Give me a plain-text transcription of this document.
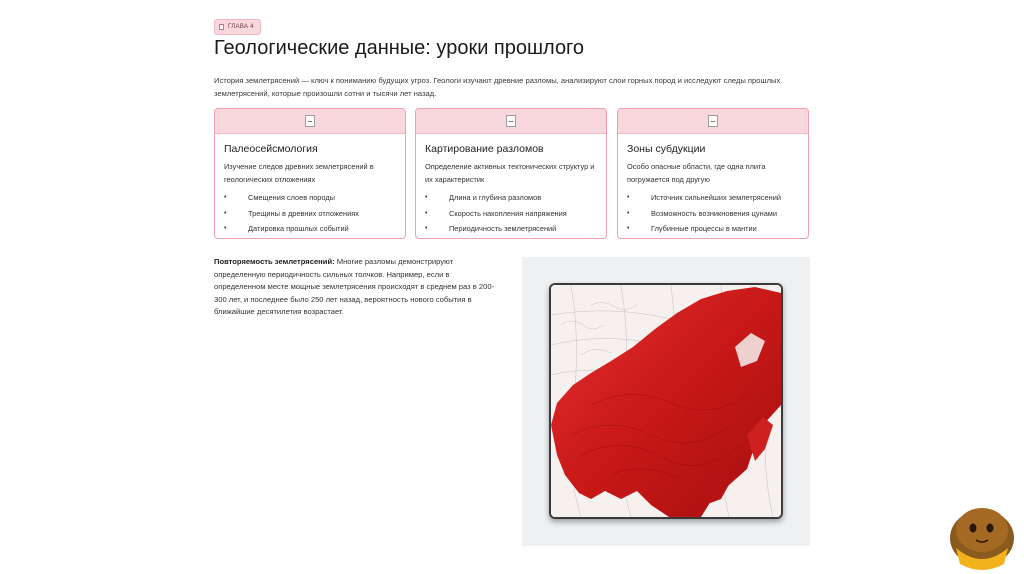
ГЛАВА 4
Геологические данные: уроки прошлого

История землетрясений — ключ к пониманию будущих угроз. Геологи изучают древние разломы, анализируют слои горных пород и исследуют следы прошлых землетрясений, которые произошли сотни и тысячи лет назад.

Палеосейсмология

Изучение следов древних землетрясений в геологических отложениях

• Смещения слоев породы
• Трещины в древних отложениях
• Датировка прошлых событий
Картирование разломов

Определение активных тектонических структур и их характеристик

• Длина и глубина разломов
• Скорость накопления напряжения
• Периодичность землетрясений
Зоны субдукции

Особо опасные области, где одна плита погружается под другую

• Источник сильнейших землетрясений
• Возможность возникновения цунами
• Глубинные процессы в мантии

Повторяемость землетрясений: Многие разломы демонстрируют определенную периодичность сильных толчков. Например, если в определенном месте мощные землетрясения происходят в среднем раз в 200-300 лет, и последнее было 250 лет назад, вероятность нового события в ближайшие десятилетия возрастает.
